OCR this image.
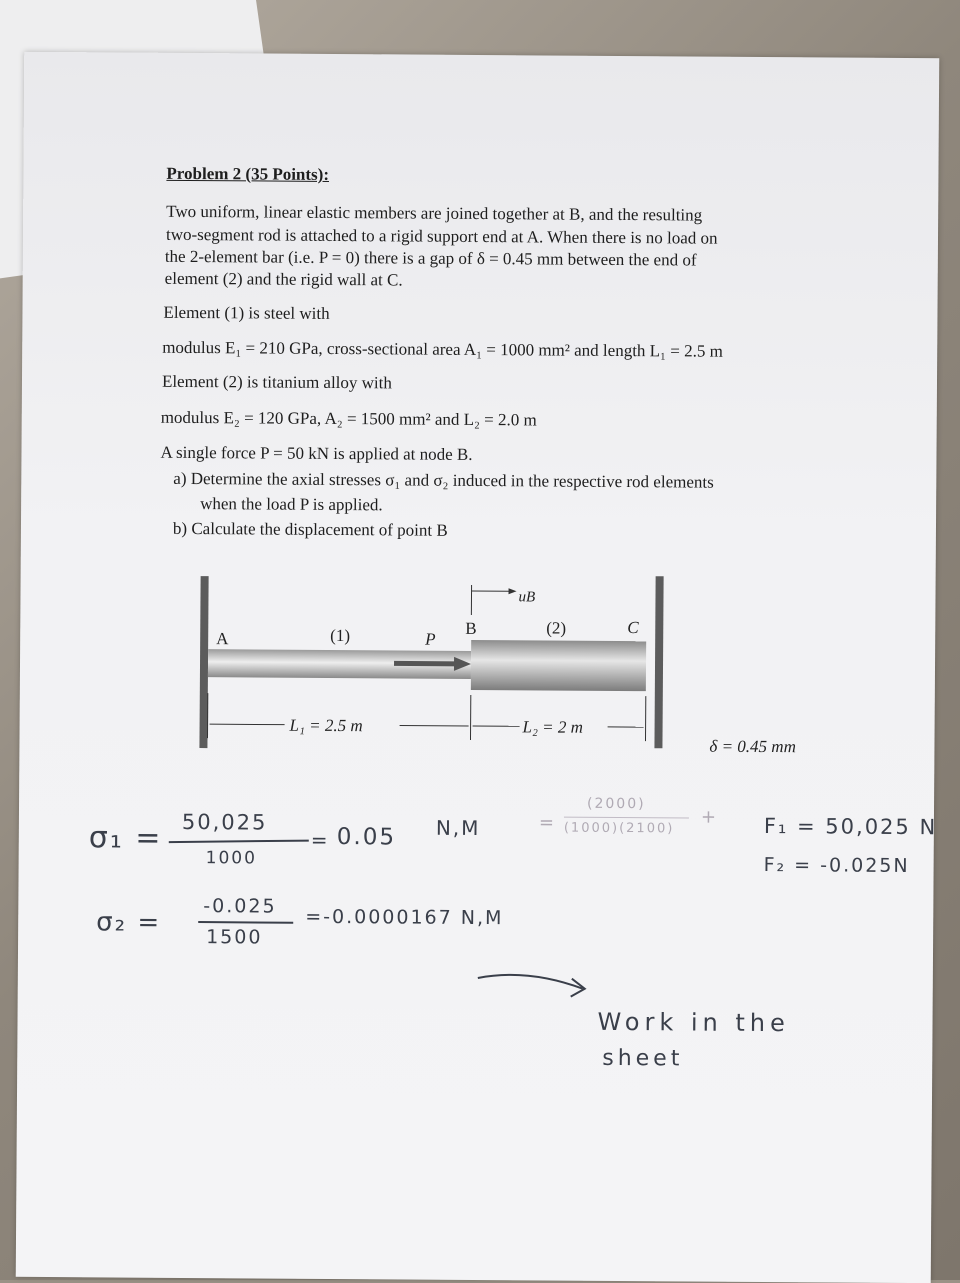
Problem 2 (35 Points):
Two uniform, linear elastic members are joined together at B, and the resulting
two-segment rod is attached to a rigid support end at A. When there is no load on
the 2-element bar (i.e. P = 0) there is a gap of δ = 0.45 mm between the end of
element (2) and the rigid wall at C.
Element (1) is steel with
modulus E₁ = 210 GPa, cross-sectional area A₁ = 1000 mm² and length L₁ = 2.5 m
Element (2) is titanium alloy with
modulus E₂ = 120 GPa, A₂ = 1500 mm² and L₂ = 2.0 m
A single force P = 50 kN is applied at node B.
a) Determine the axial stresses σ₁ and σ₂ induced in the respective rod elements
when the load P is applied.
b) Calculate the displacement of point B
A	(1)	P
B
uB
(2)	C
L₁ = 2.5 m	L₂ = 2 m
δ = 0.45 mm
σ₁ = 50,025
1000
= 0.05 N,M	=
(2000)
(1000)(2100)
+ F₁ = 50,025 N
F₂ = -0.025N
σ₂ =
-0.025
1500
=-0.0000167 N,M
Work in the
sheet
